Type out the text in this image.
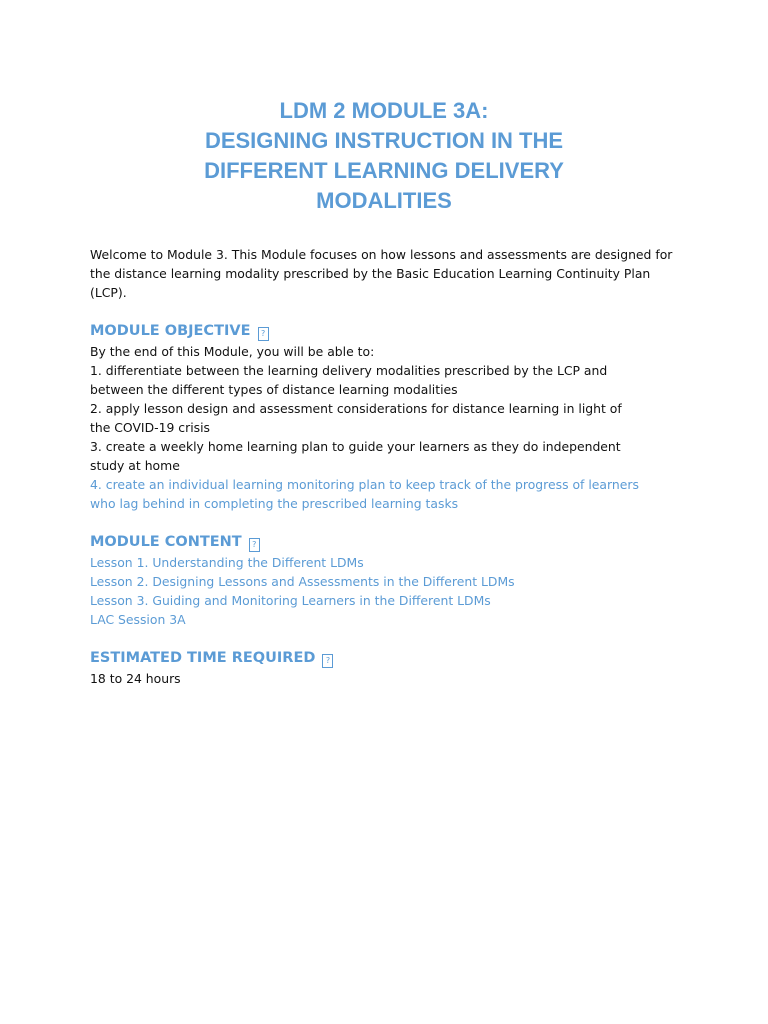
LDM 2 MODULE 3A:
DESIGNING INSTRUCTION IN THE
DIFFERENT LEARNING DELIVERY
MODALITIES

Welcome to Module 3. This Module focuses on how lessons and assessments are designed for

the distance learning modality prescribed by the Basic Education Learning Continuity Plan (LCP).

MODULE OBJECTIVE ?

By the end of this Module, you will be able to:

1. differentiate between the learning delivery modalities prescribed by the LCP and

between the different types of distance learning modalities

2. apply lesson design and assessment considerations for distance learning in light of

the COVID-19 crisis

3. create a weekly home learning plan to guide your learners as they do independent

study at home

4. create an individual learning monitoring plan to keep track of the progress of learners

who lag behind in completing the prescribed learning tasks

MODULE CONTENT ?

Lesson 1. Understanding the Different LDMs

Lesson 2. Designing Lessons and Assessments in the Different LDMs

Lesson 3. Guiding and Monitoring Learners in the Different LDMs

LAC Session 3A

ESTIMATED TIME REQUIRED ?

18 to 24 hours
